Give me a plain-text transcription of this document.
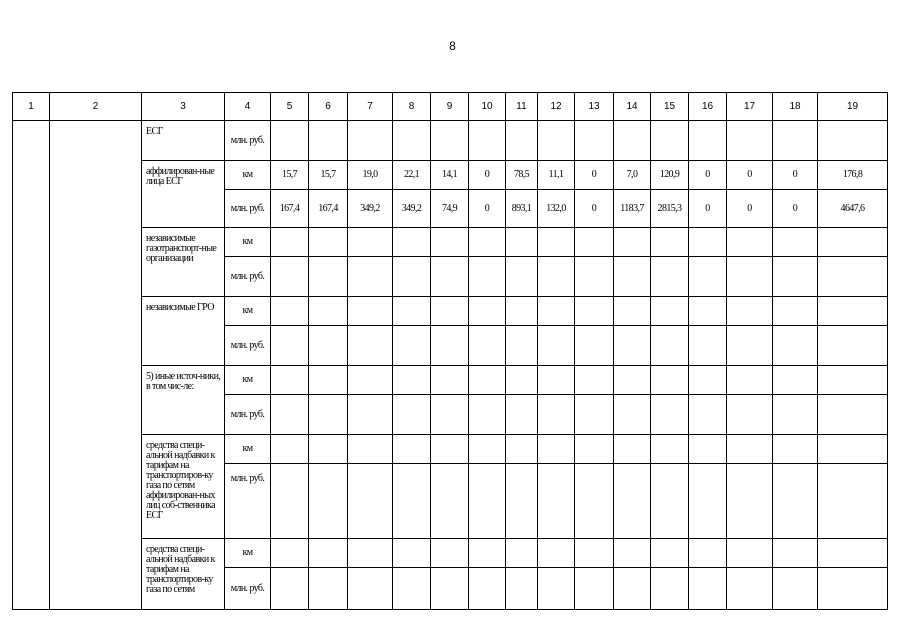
8
1	2	3	4	5	6	7	8	9	10	11	12	13	14	15	16	17	18	19
		ЕСГ	млн. руб.															
		аффилирован-ные лица ЕСГ	км	15,7	15,7	19,0	22,1	14,1	0	78,5	11,1	0	7,0	120,9	0	0	0	176,8
			млн. руб.	167,4	167,4	349,2	349,2	74,9	0	893,1	132,0	0	1183,7	2815,3	0	0	0	4647,6
		независимые газотранспорт-ные организации	км															
			млн. руб.															
		независимые ГРО	км															
			млн. руб.															
		5) иные источ-ники, в том чис-ле:	км															
			млн. руб.															
		средства специ-альной надбавки к тарифам на транспортиров-ку газа по сетям аффилирован-ных лиц соб-ственника ЕСГ	км															
			млн. руб.															
		средства специ-альной надбавки к тарифам на транспортиров-ку газа по сетям	км															
			млн. руб.															
